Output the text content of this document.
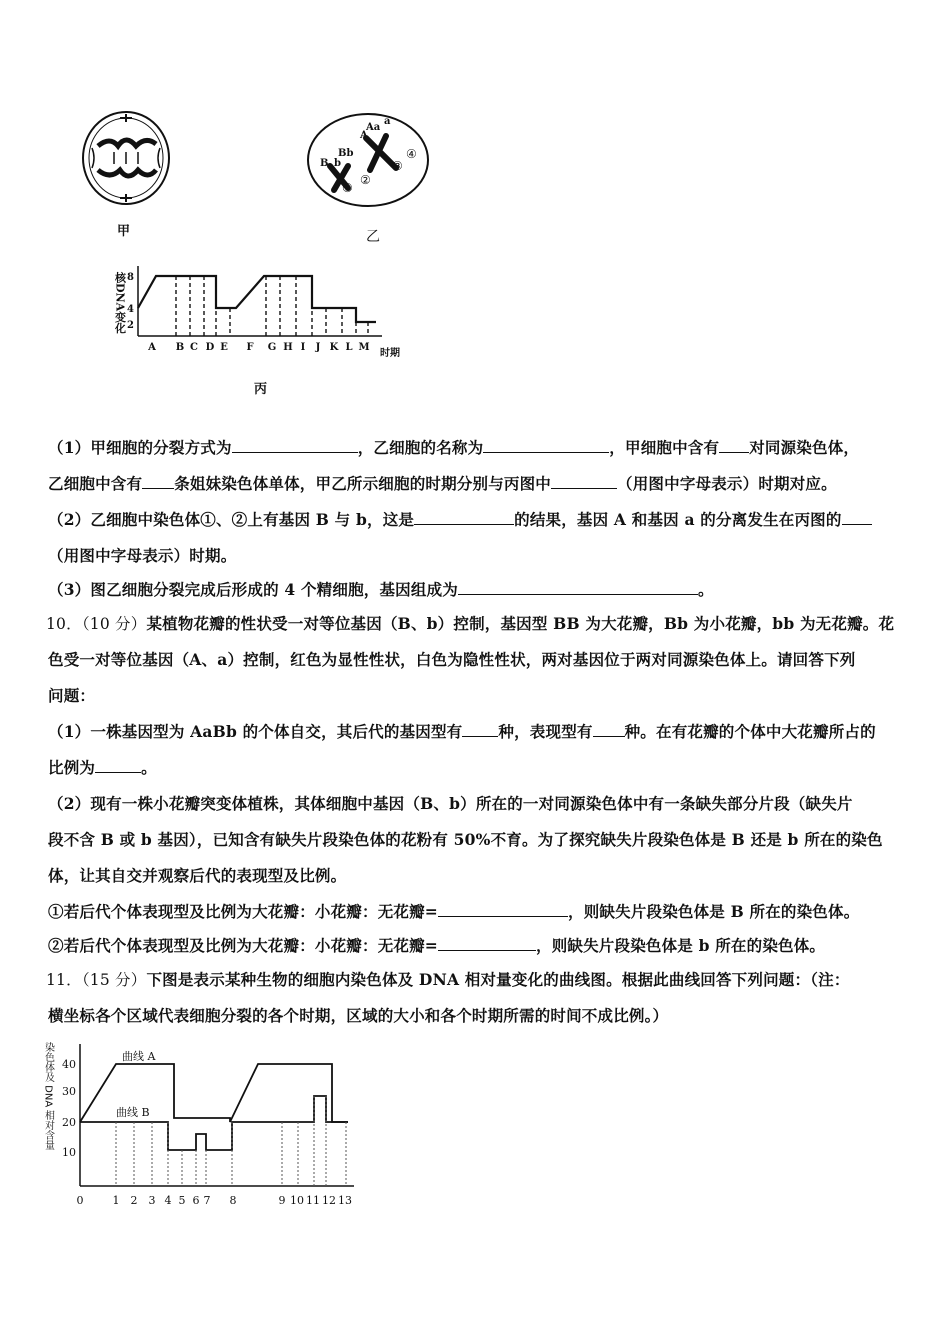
甲
Aa
a
A
Bb
B b
①
②
③
④
乙
核DNA变化 8
4
2
A B C D E F G H I J K L M
时期
丙
（1）甲细胞的分裂方式为	，乙细胞的名称为	，甲细胞中含有 对同源染色体，
乙细胞中含有 条姐妹染色体单体，甲乙所示细胞的时期分别与丙图中	（用图中字母表示）时期对应。
（2）乙细胞中染色体①、②上有基因 B 与 b，这是	的结果，基因 A 和基因 a 的分离发生在丙图的
（用图中字母表示）时期。
（3）图乙细胞分裂完成后形成的 4 个精细胞，基因组成为	。
10．（10 分）某植物花瓣的性状受一对等位基因（B、b）控制，基因型 BB 为大花瓣，Bb 为小花瓣，bb 为无花瓣。花
色受一对等位基因（A、a）控制，红色为显性性状，白色为隐性性状，两对基因位于两对同源染色体上。请回答下列
问题：
（1）一株基因型为 AaBb 的个体自交，其后代的基因型有 种，表现型有 种。在有花瓣的个体中大花瓣所占的
比例为	。
（2）现有一株小花瓣突变体植株，其体细胞中基因（B、b）所在的一对同源染色体中有一条缺失部分片段（缺失片
段不含 B 或 b 基因），已知含有缺失片段染色体的花粉有 50%不育。为了探究缺失片段染色体是 B 还是 b 所在的染色
体，让其自交并观察后代的表现型及比例。
①若后代个体表现型及比例为大花瓣：小花瓣：无花瓣=	，则缺失片段染色体是 B 所在的染色体。
②若后代个体表现型及比例为大花瓣：小花瓣：无花瓣=	，则缺失片段染色体是 b 所在的染色体。
11．（15 分）下图是表示某种生物的细胞内染色体及 DNA 相对量变化的曲线图。根据此曲线回答下列问题：（注：
横坐标各个区域代表细胞分裂的各个时期，区域的大小和各个时期所需的时间不成比例。）
染色体及 DNA 相对含量 40
30
20
10
曲线 A
曲线 B
0	1 2 3 4 5 6 7 8	9 10 11 12 13
